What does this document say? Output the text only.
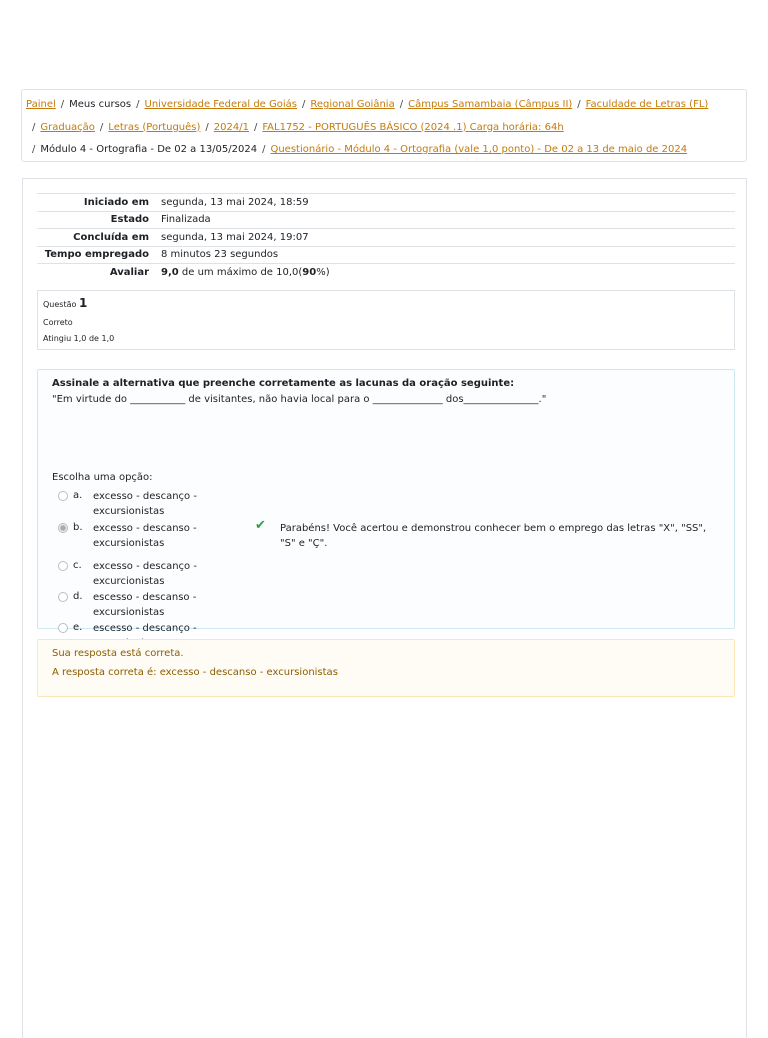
Painel / Meus cursos / Universidade Federal de Goiás / Regional Goiânia / Câmpus Samambaia (Câmpus II) / Faculdade de Letras (FL)
/ Graduação / Letras (Português) / 2024/1 / FAL1752 - PORTUGUÊS BÁSICO (2024 .1) Carga horária: 64h
/ Módulo 4 - Ortografia - De 02 a 13/05/2024 / Questionário - Módulo 4 - Ortografia (vale 1,0 ponto) - De 02 a 13 de maio de 2024
Iniciado em	segunda, 13 mai 2024, 18:59
Estado	Finalizada
Concluída em	segunda, 13 mai 2024, 19:07
Tempo empregado	8 minutos 23 segundos
Avaliar	9,0 de um máximo de 10,0(90%)
Questão 1
Correto
Atingiu 1,0 de 1,0
Assinale a alternativa que preenche corretamente as lacunas da oração seguinte:
"Em virtude do ___________ de visitantes, não havia local para o ______________ dos_______________."
Escolha uma opção:
a.	excesso - descanço - excursionistas
b.	excesso - descanso - excursionistas
✔ Parabéns! Você acertou e demonstrou conhecer bem o emprego das letras "X", "SS", "S" e "Ç".
c.	excesso - descanço - excurcionistas
d.	escesso - descanso - excursionistas
e.	escesso - descanço -
Sua resposta está correta.
A resposta correta é: excesso - descanso - excursionistas
